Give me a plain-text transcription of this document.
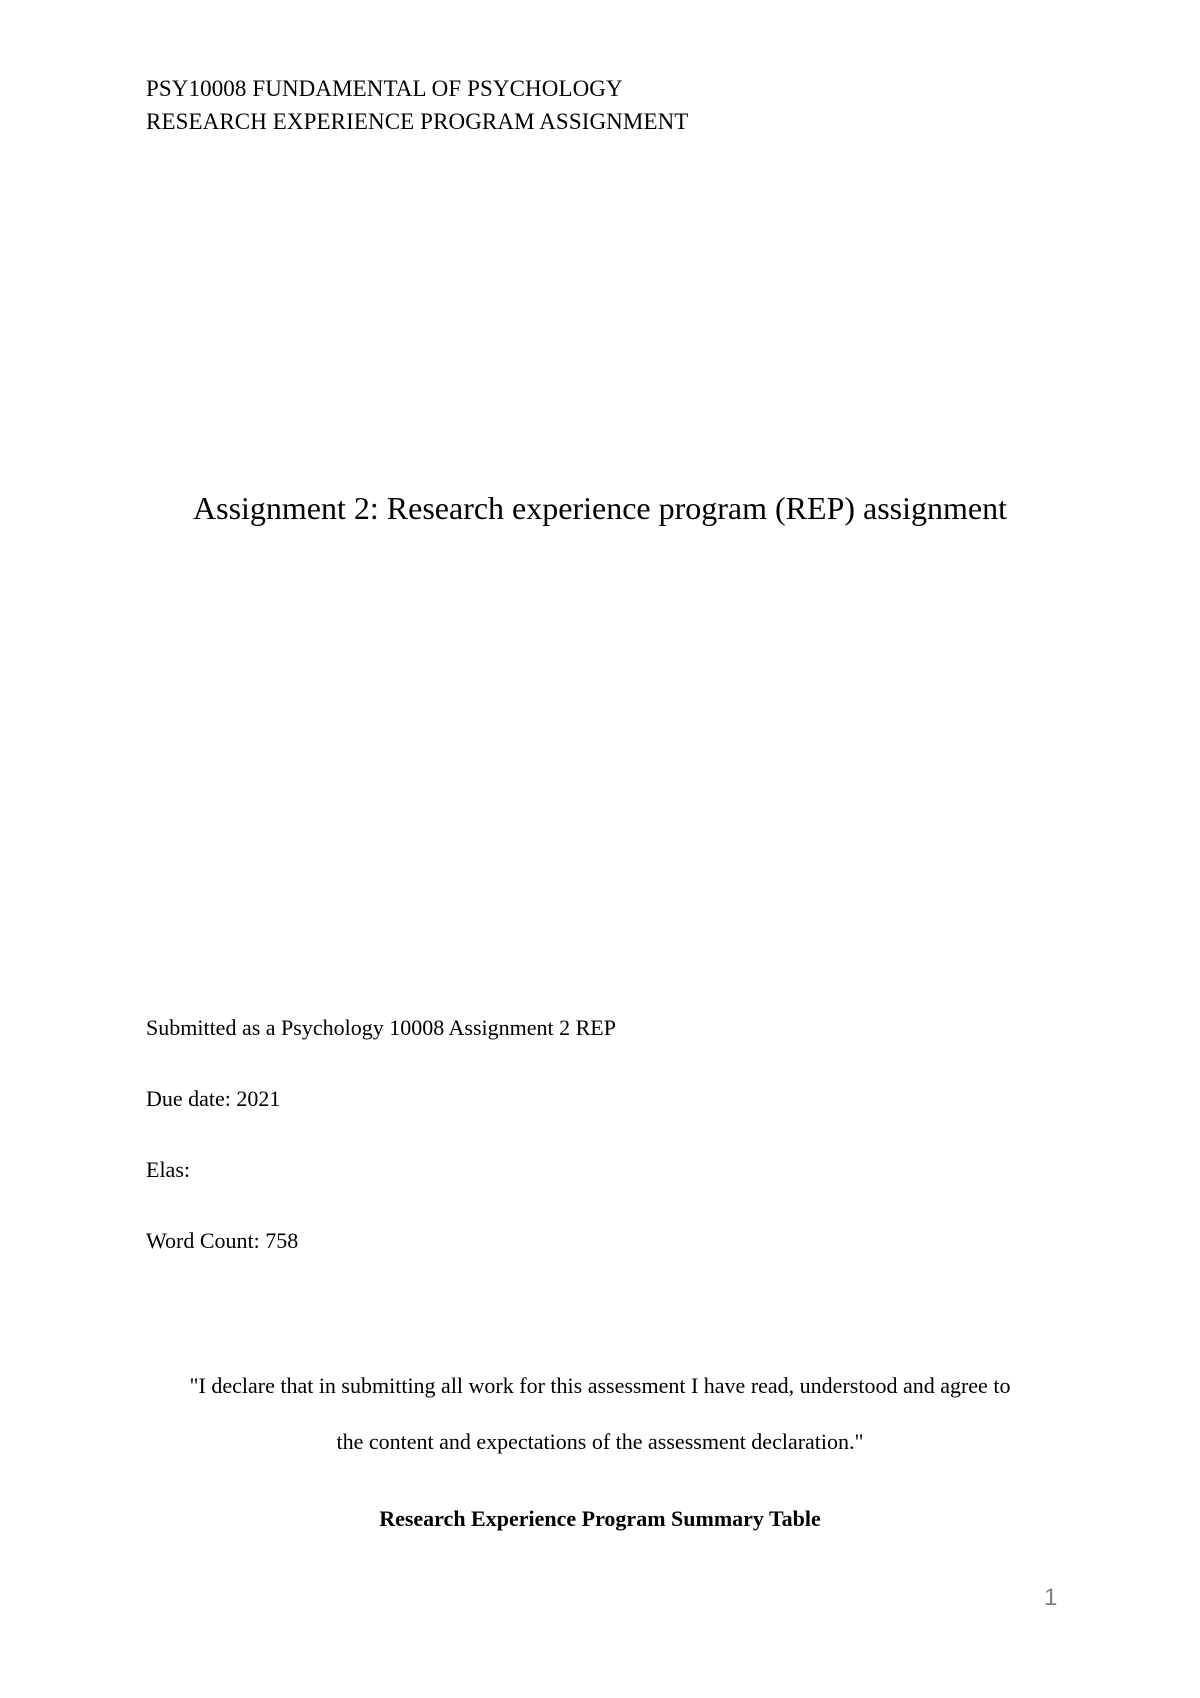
PSY10008 FUNDAMENTAL OF PSYCHOLOGY
RESEARCH EXPERIENCE PROGRAM ASSIGNMENT
Assignment 2: Research experience program (REP) assignment
Submitted as a Psychology 10008 Assignment 2 REP
Due date: 2021
Elas:
Word Count: 758
"I declare that in submitting all work for this assessment I have read, understood and agree to
the content and expectations of the assessment declaration."
Research Experience Program Summary Table
1
